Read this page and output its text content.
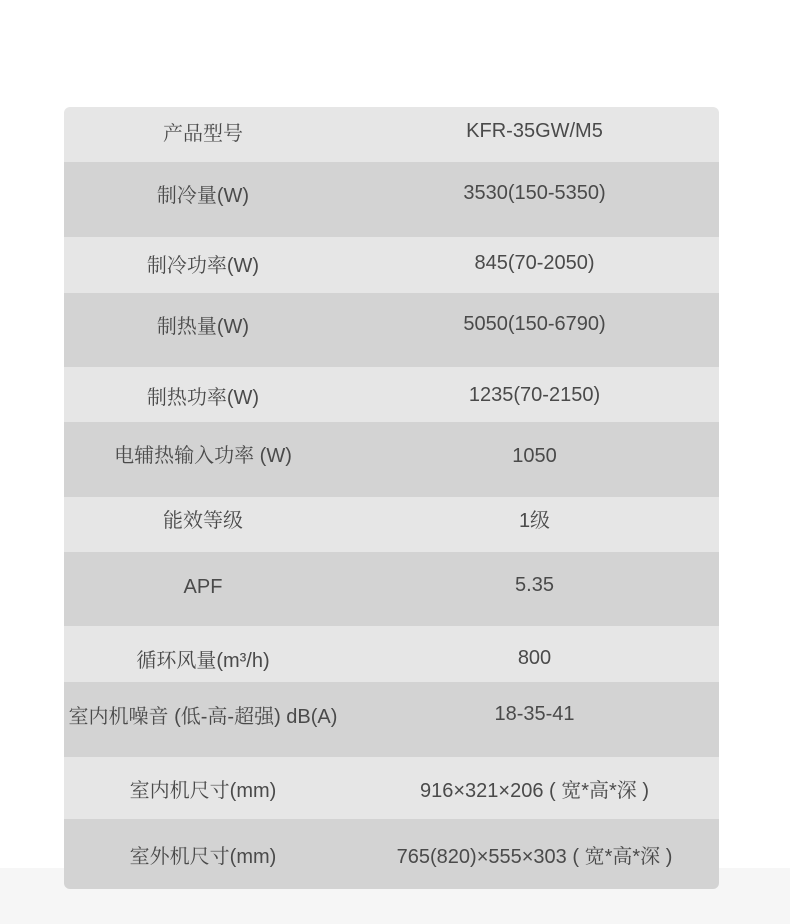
产品型号	KFR-35GW/M5
制冷量(W)	3530(150-5350)
制冷功率(W)	845(70-2050)
制热量(W)	5050(150-6790)
制热功率(W)	1235(70-2150)
电辅热输入功率 (W)	1050
能效等级	1级
APF	5.35
循环风量(m³/h)	800
室内机噪音 (低-高-超强) dB(A)	18-35-41
室内机尺寸(mm)	916×321×206 ( 宽*高*深 )
室外机尺寸(mm)	765(820)×555×303 ( 宽*高*深 )
